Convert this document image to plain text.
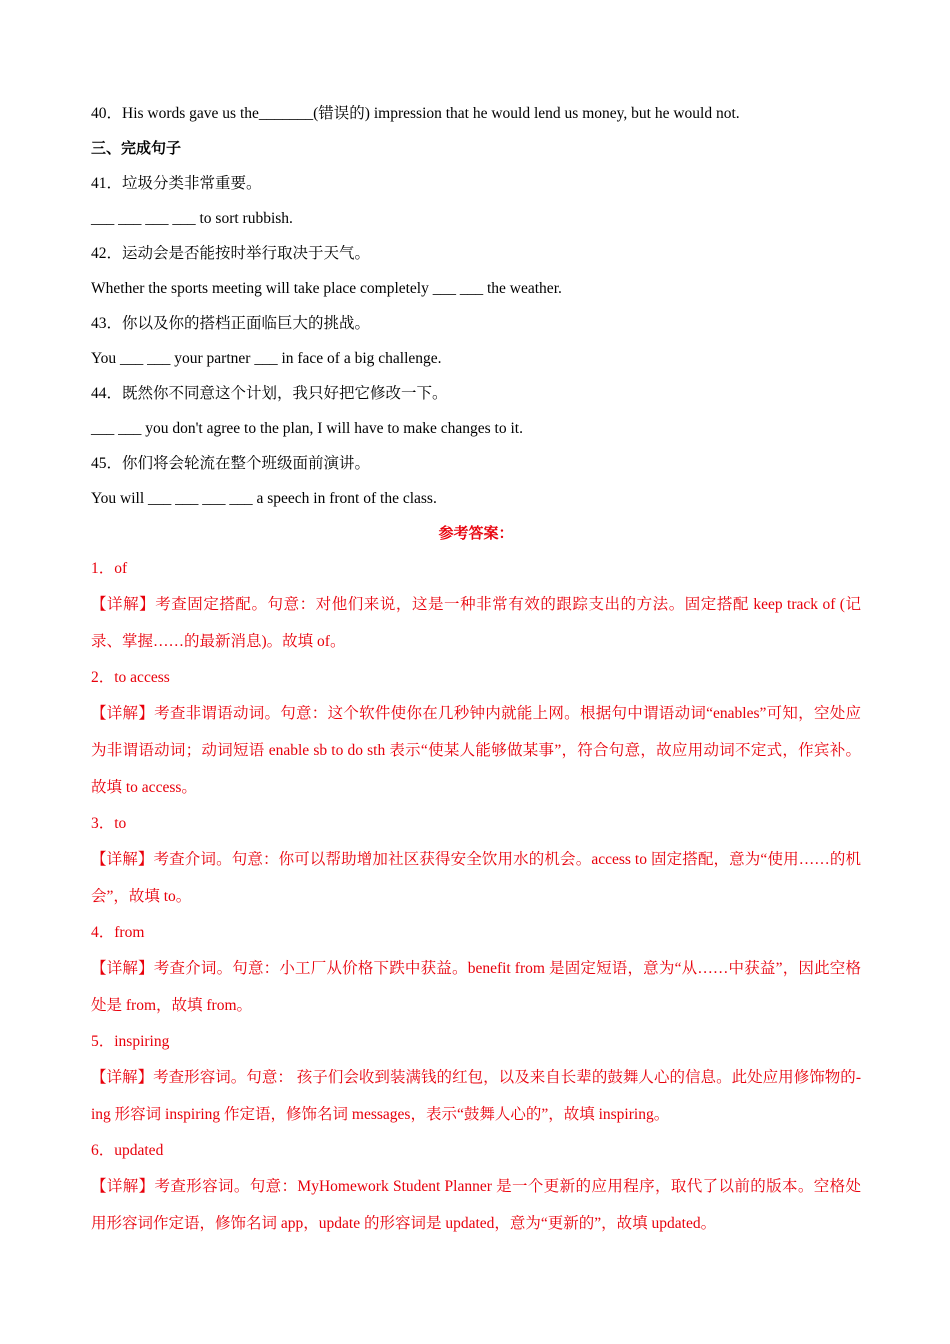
40．His words gave us the_______(错误的) impression that he would lend us money, but he would not.
三、完成句子
41．垃圾分类非常重要。
___ ___ ___ ___ to sort rubbish.
42．运动会是否能按时举行取决于天气。
Whether the sports meeting will take place completely ___ ___ the weather.
43．你以及你的搭档正面临巨大的挑战。
You ___ ___ your partner ___ in face of a big challenge.
44．既然你不同意这个计划，我只好把它修改一下。
___ ___ you don't agree to the plan, I will have to make changes to it.
45．你们将会轮流在整个班级面前演讲。
You will ___ ___ ___ ___ a speech in front of the class.
参考答案：
1．of
【详解】考查固定搭配。句意：对他们来说，这是一种非常有效的跟踪支出的方法。固定搭配 keep track of (记录、掌握……的最新消息)。故填 of。
2．to access
【详解】考查非谓语动词。句意：这个软件使你在几秒钟内就能上网。根据句中谓语动词“enables”可知，空处应为非谓语动词；动词短语 enable sb to do sth 表示“使某人能够做某事”，符合句意，故应用动词不定式，作宾补。故填 to access。
3．to
【详解】考查介词。句意：你可以帮助增加社区获得安全饮用水的机会。access to 固定搭配，意为“使用……的机会”，故填 to。
4．from
【详解】考查介词。句意：小工厂从价格下跌中获益。benefit from 是固定短语，意为“从……中获益”，因此空格处是 from，故填 from。
5．inspiring
【详解】考查形容词。句意： 孩子们会收到装满钱的红包，以及来自长辈的鼓舞人心的信息。此处应用修饰物的-ing 形容词 inspiring 作定语，修饰名词 messages，表示“鼓舞人心的”，故填 inspiring。
6．updated
【详解】考查形容词。句意：MyHomework Student Planner 是一个更新的应用程序，取代了以前的版本。空格处用形容词作定语，修饰名词 app，update 的形容词是 updated，意为“更新的”，故填 updated。
